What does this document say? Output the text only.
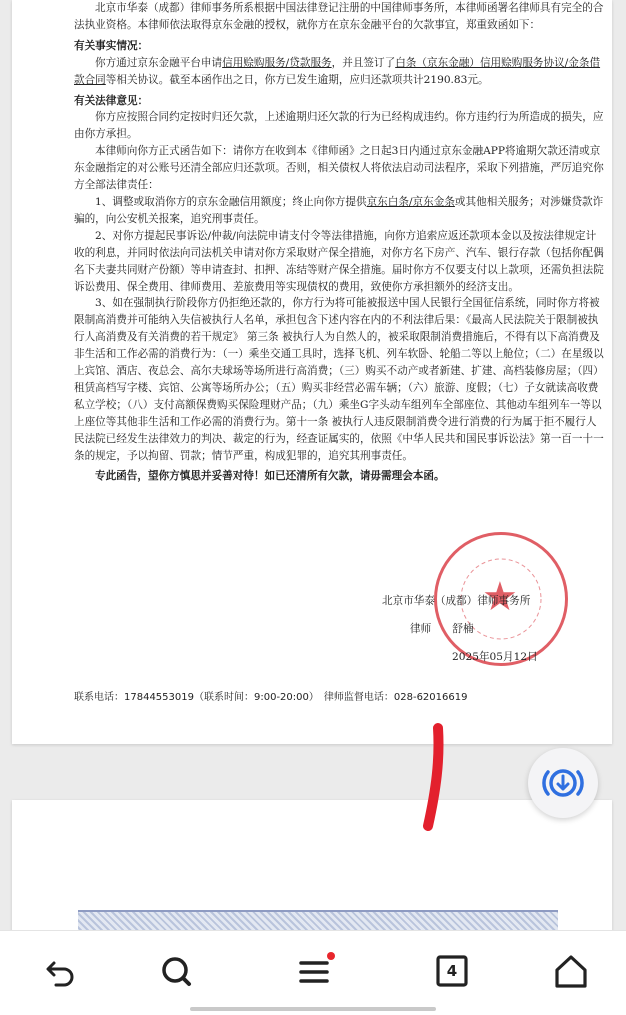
北京市华泰（成都）律师事务所系根据中国法律登记注册的中国律师事务所，本律师函署名律师具有完全的合法执业资格。本律师依法取得京东金融的授权，就你方在京东金融平台的欠款事宜，郑重致函如下：

有关事实情况：

你方通过京东金融平台申请信用赊购服务/贷款服务，并且签订了白条（京东金融）信用赊购服务协议/金条借款合同等相关协议。截至本函作出之日，你方已发生逾期，应归还款项共计2190.83元。

有关法律意见：

你方应按照合同约定按时归还欠款，上述逾期归还欠款的行为已经构成违约。你方违约行为所造成的损失，应由你方承担。

本律师向你方正式函告如下：请你方在收到本《律师函》之日起3日内通过京东金融APP将逾期欠款还清或京东金融指定的对公账号还清全部应归还款项。否则，相关债权人将依法启动司法程序，采取下列措施，严厉追究你方全部法律责任：

1、调整或取消你方的京东金融信用额度；终止向你方提供京东白条/京东金条或其他相关服务；对涉嫌贷款诈骗的，向公安机关报案，追究刑事责任。

2、对你方提起民事诉讼/仲裁/向法院申请支付令等法律措施，向你方追索应返还款项本金以及按法律规定计收的利息，并同时依法向司法机关申请对你方采取财产保全措施，对你方名下房产、汽车、银行存款（包括你配偶名下夫妻共同财产份额）等申请查封、扣押、冻结等财产保全措施。届时你方不仅要支付以上款项，还需负担法院诉讼费用、保全费用、律师费用、差旅费用等实现债权的费用，致使你方承担额外的经济支出。

3、如在强制执行阶段你方仍拒绝还款的，你方行为将可能被报送中国人民银行全国征信系统，同时你方将被限制高消费并可能纳入失信被执行人名单，承担包含下述内容在内的不利法律后果：《最高人民法院关于限制被执行人高消费及有关消费的若干规定》 第三条 被执行人为自然人的，被采取限制消费措施后，不得有以下高消费及非生活和工作必需的消费行为：（一）乘坐交通工具时，选择飞机、列车软卧、轮船二等以上舱位；（二）在星级以上宾馆、酒店、夜总会、高尔夫球场等场所进行高消费；（三）购买不动产或者新建、扩建、高档装修房屋；（四）租赁高档写字楼、宾馆、公寓等场所办公；（五）购买非经营必需车辆；（六）旅游、度假；（七）子女就读高收费私立学校；（八）支付高额保费购买保险理财产品；（九）乘坐G字头动车组列车全部座位、其他动车组列车一等以上座位等其他非生活和工作必需的消费行为。第十一条 被执行人违反限制消费令进行消费的行为属于拒不履行人民法院已经发生法律效力的判决、裁定的行为，经查证属实的，依照《中华人民共和国民事诉讼法》第一百一十一条的规定，予以拘留、罚款；情节严重，构成犯罪的，追究其刑事责任。

专此函告，望你方慎思并妥善对待！如已还清所有欠款，请毋需理会本函。

★
北京市华泰（成都）律师事务所
律师　　舒楠
2025年05月12日
联系电话：17844553019（联系时间：9:00-20:00）　律师监督电话：028-62016619
4
